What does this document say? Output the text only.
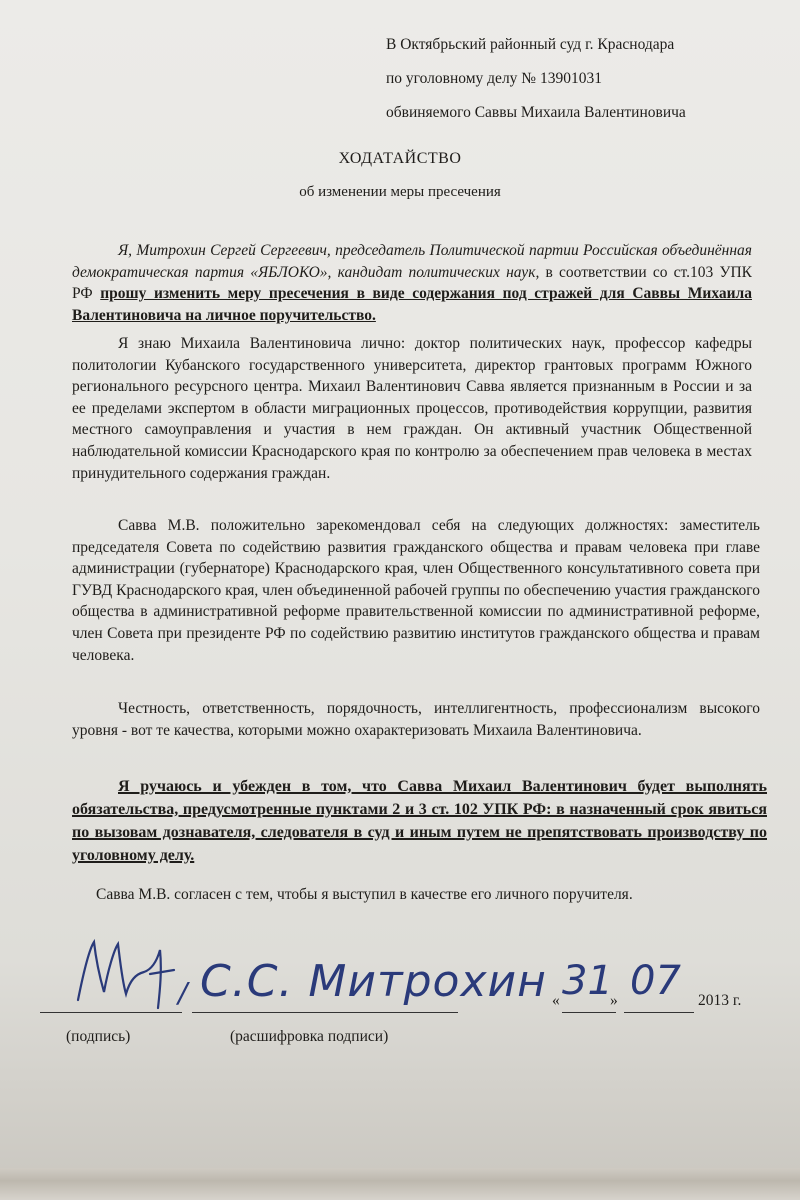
В Октябрьский районный суд г. Краснодара
по уголовному делу № 13901031
обвиняемого Саввы Михаила Валентиновича
ХОДАТАЙСТВО
об изменении меры пресечения

Я, Митрохин Сергей Сергеевич, председатель Политической партии Российская объединённая демократическая партия «ЯБЛОКО», кандидат политических наук, в соответствии со ст.103 УПК РФ прошу изменить меру пресечения в виде содержания под стражей для Саввы Михаила Валентиновича на личное поручительство.

Я знаю Михаила Валентиновича лично: доктор политических наук, профессор кафедры политологии Кубанского государственного университета, директор грантовых программ Южного регионального ресурсного центра. Михаил Валентинович Савва является признанным в России и за ее пределами экспертом в области миграционных процессов, противодействия коррупции, развития местного самоуправления и участия в нем граждан. Он активный участник Общественной наблюдательной комиссии Краснодарского края по контролю за обеспечением прав человека в местах принудительного содержания граждан.

Савва М.В. положительно зарекомендовал себя на следующих должностях: заместитель председателя Совета по содействию развития гражданского общества и правам человека при главе администрации (губернаторе) Краснодарского края, член Общественного консультативного совета при ГУВД Краснодарского края, член объединенной рабочей группы по обеспечению участия гражданского общества в административной реформе правительственной комиссии по административной реформе, член Совета при президенте РФ по содействию развитию институтов гражданского общества и правам человека.

Честность, ответственность, порядочность, интеллигентность, профессионализм высокого уровня - вот те качества, которыми можно охарактеризовать Михаила Валентиновича.

Я ручаюсь и убежден в том, что Савва Михаил Валентинович будет выполнять обязательства, предусмотренные пунктами 2 и 3 ст. 102 УПК РФ: в назначенный срок явиться по вызовам дознавателя, следователя в суд и иным путем не препятствовать производству по уголовному делу.

Савва М.В. согласен с тем, чтобы я выступил в качестве его личного поручителя.
/ С.С. Митрохин « 31
» 07 2013 г.
(подпись)	(расшифровка подписи)
